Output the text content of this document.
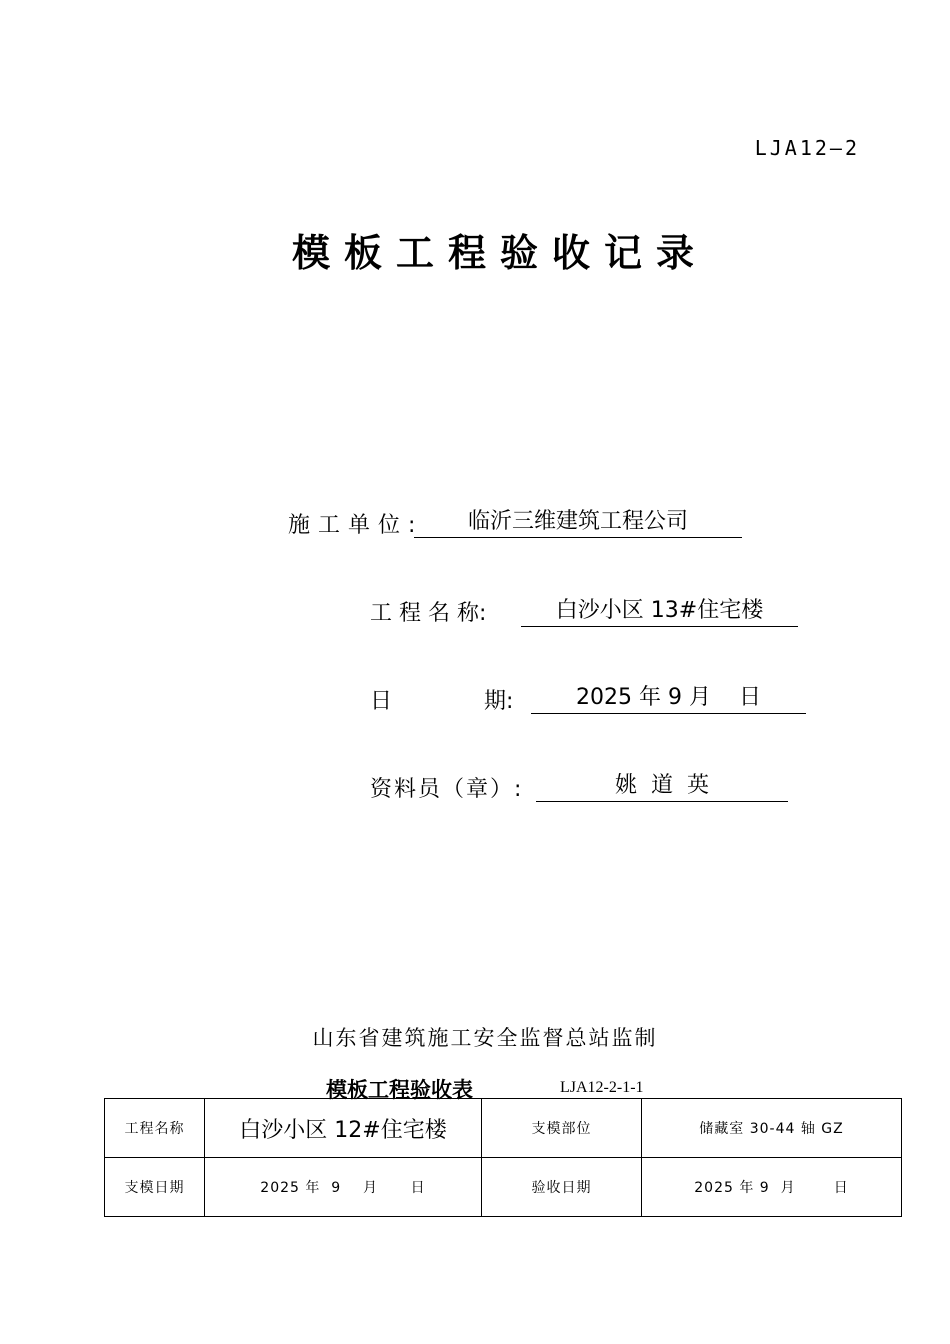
LJA12—2
模板工程验收记录
施工单位:	临沂三维建筑工程公司
工 程 名 称:	白沙小区 13#住宅楼
日	期:	2025 年 9 月    日
资料员（章）:	姚  道  英
山东省建筑施工安全监督总站监制
模板工程验收表	LJA12-2-1-1
工程名称	白沙小区 12#住宅楼	支模部位	储藏室 30-44 轴 GZ
支模日期	2025 年  9    月      日	验收日期	2025 年 9  月       日
